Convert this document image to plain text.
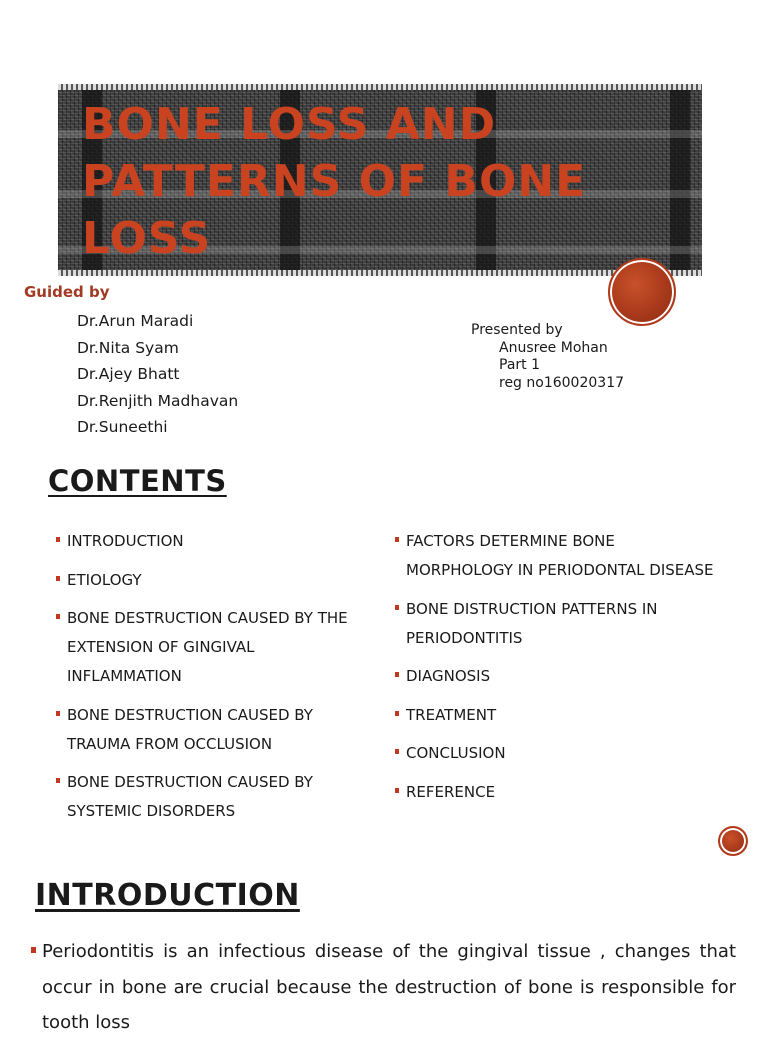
BONE LOSS AND PATTERNS OF BONE LOSS
Guided by
Dr.Arun Maradi
Dr.Nita Syam
Dr.Ajey Bhatt
Dr.Renjith Madhavan
Dr.Suneethi
Presented by
Anusree Mohan
Part 1
reg no160020317
CONTENTS
INTRODUCTION
ETIOLOGY
BONE DESTRUCTION CAUSED BY THE EXTENSION OF GINGIVAL INFLAMMATION
BONE DESTRUCTION CAUSED BY TRAUMA FROM OCCLUSION
BONE DESTRUCTION CAUSED BY SYSTEMIC DISORDERS
FACTORS DETERMINE BONE MORPHOLOGY IN PERIODONTAL DISEASE
BONE DISTRUCTION PATTERNS IN PERIODONTITIS
DIAGNOSIS
TREATMENT
CONCLUSION
REFERENCE
INTRODUCTION

Periodontitis is an infectious disease of the gingival tissue , changes that occur in bone are crucial because the destruction of bone is responsible for tooth loss
